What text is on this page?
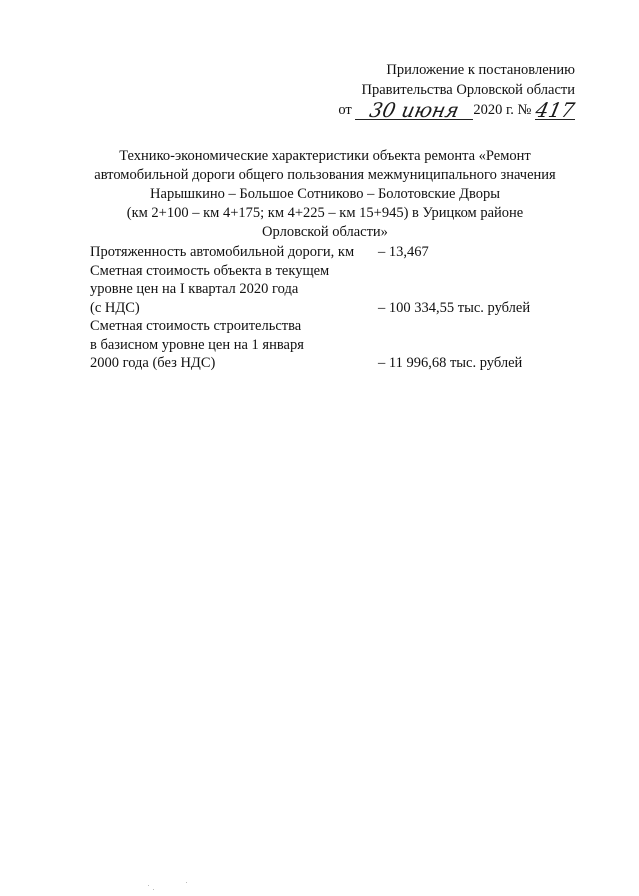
Приложение к постановлению
Правительства Орловской области
от 30 июня 2020 г. № 417
Технико-экономические характеристики объекта ремонта «Ремонт
автомобильной дороги общего пользования межмуниципального значения
Нарышкино – Большое Сотниково – Болотовские Дворы
(км 2+100 – км 4+175; км 4+225 – км 15+945) в Урицком районе
Орловской области»
Протяженность автомобильной дороги, км	– 13,467
Сметная стоимость объекта в текущем
уровне цен на I квартал 2020 года
(с НДС)	– 100 334,55 тыс. рублей
Сметная стоимость строительства
в базисном уровне цен на 1 января
2000 года (без НДС)	– 11 996,68 тыс. рублей
